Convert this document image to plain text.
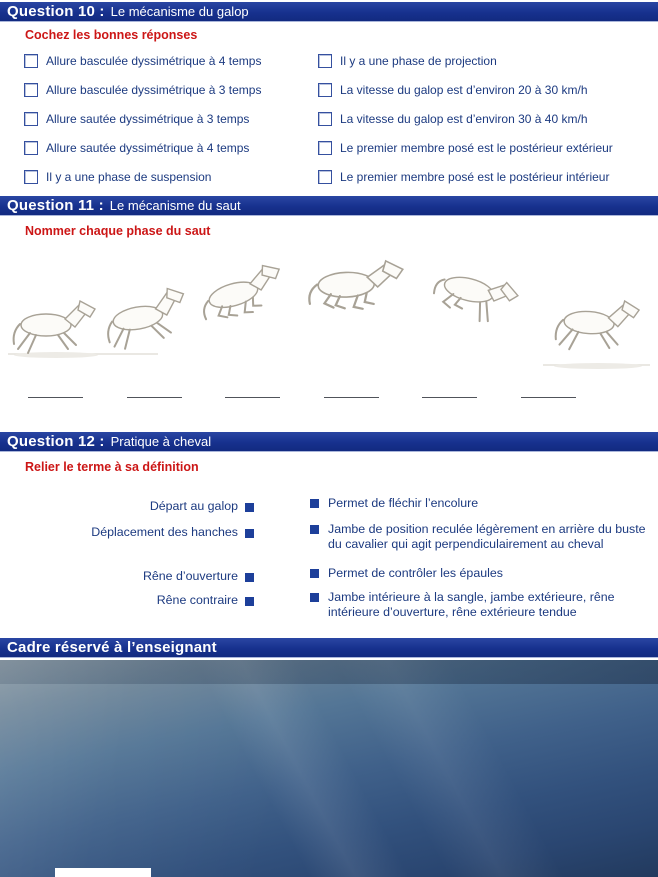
Question 10 : Le mécanisme du galop
Cochez les bonnes réponses
Allure basculée dyssimétrique à 4 temps
Allure basculée dyssimétrique à 3 temps
Allure sautée dyssimétrique à 3 temps
Allure sautée dyssimétrique à 4 temps
Il y a une phase de suspension
Il y a une phase de projection
La vitesse du galop est d’environ 20 à 30 km/h
La vitesse du galop est d’environ 30 à 40 km/h
Le premier membre posé est le postérieur extérieur
Le premier membre posé est le postérieur intérieur
Question 11 : Le mécanisme du saut
Nommer chaque phase du saut
Question 12 : Pratique à cheval
Relier le terme à sa définition
Départ au galop	Permet de fléchir l’encolure
Déplacement des hanches	Jambe de position reculée légèrement en arrière du buste du cavalier qui agit perpendiculairement au cheval
Rêne d’ouverture	Permet de contrôler les épaules
Rêne contraire	Jambe intérieure à la sangle, jambe extérieure, rêne intérieure d’ouverture, rêne extérieure tendue
Cadre réservé à l’enseignant
